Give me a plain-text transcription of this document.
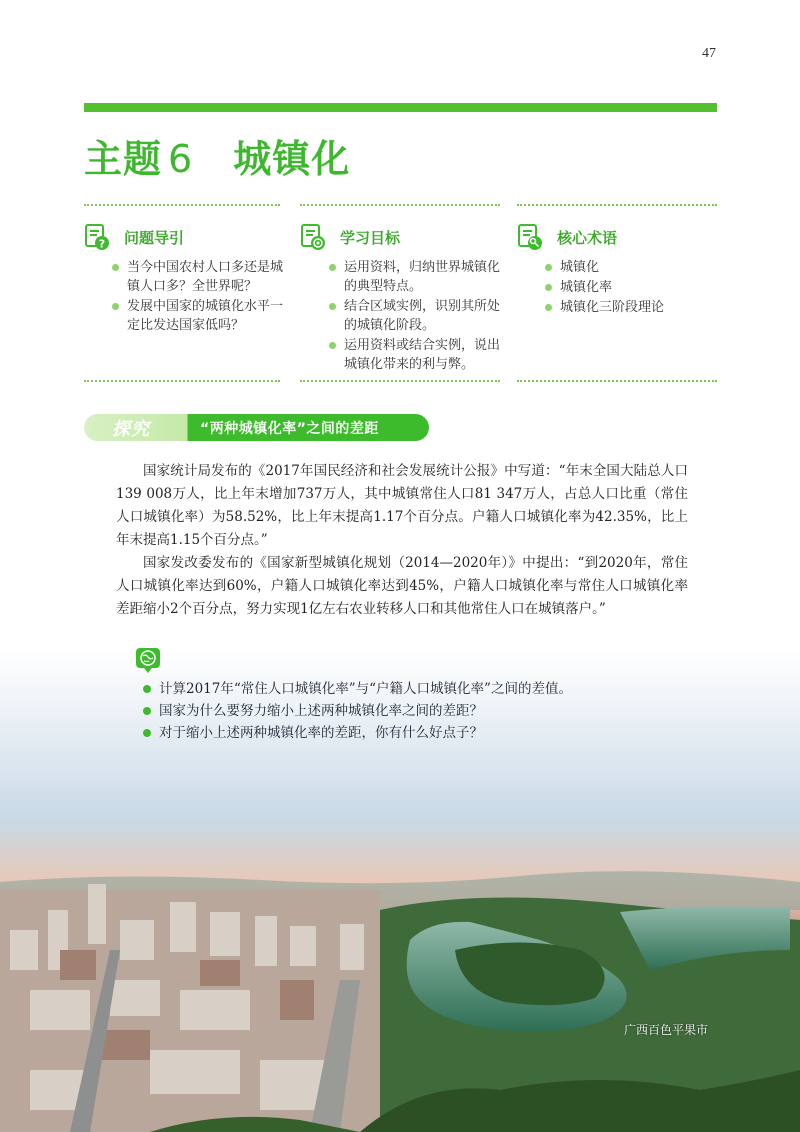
47
主题 6 城镇化
? 问题导引
当今中国农村人口多还是城镇人口多？全世界呢？
发展中国家的城镇化水平一定比发达国家低吗？
学习目标
运用资料，归纳世界城镇化的典型特点。
结合区域实例，识别其所处的城镇化阶段。
运用资料或结合实例，说出城镇化带来的利与弊。
核心术语
城镇化
城镇化率
城镇化三阶段理论
探究	“两种城镇化率”之间的差距

国家统计局发布的《2017年国民经济和社会发展统计公报》中写道：“年末全国大陆总人口139 008万人，比上年末增加737万人，其中城镇常住人口81 347万人，占总人口比重（常住人口城镇化率）为58.52%，比上年末提高1.17个百分点。户籍人口城镇化率为42.35%，比上年末提高1.15个百分点。”

国家发改委发布的《国家新型城镇化规划（2014—2020年）》中提出：“到2020年，常住人口城镇化率达到60%，户籍人口城镇化率达到45%，户籍人口城镇化率与常住人口城镇化率差距缩小2个百分点，努力实现1亿左右农业转移人口和其他常住人口在城镇落户。”

计算2017年“常住人口城镇化率”与“户籍人口城镇化率”之间的差值。
国家为什么要努力缩小上述两种城镇化率之间的差距？
对于缩小上述两种城镇化率的差距，你有什么好点子？
广西百色平果市
